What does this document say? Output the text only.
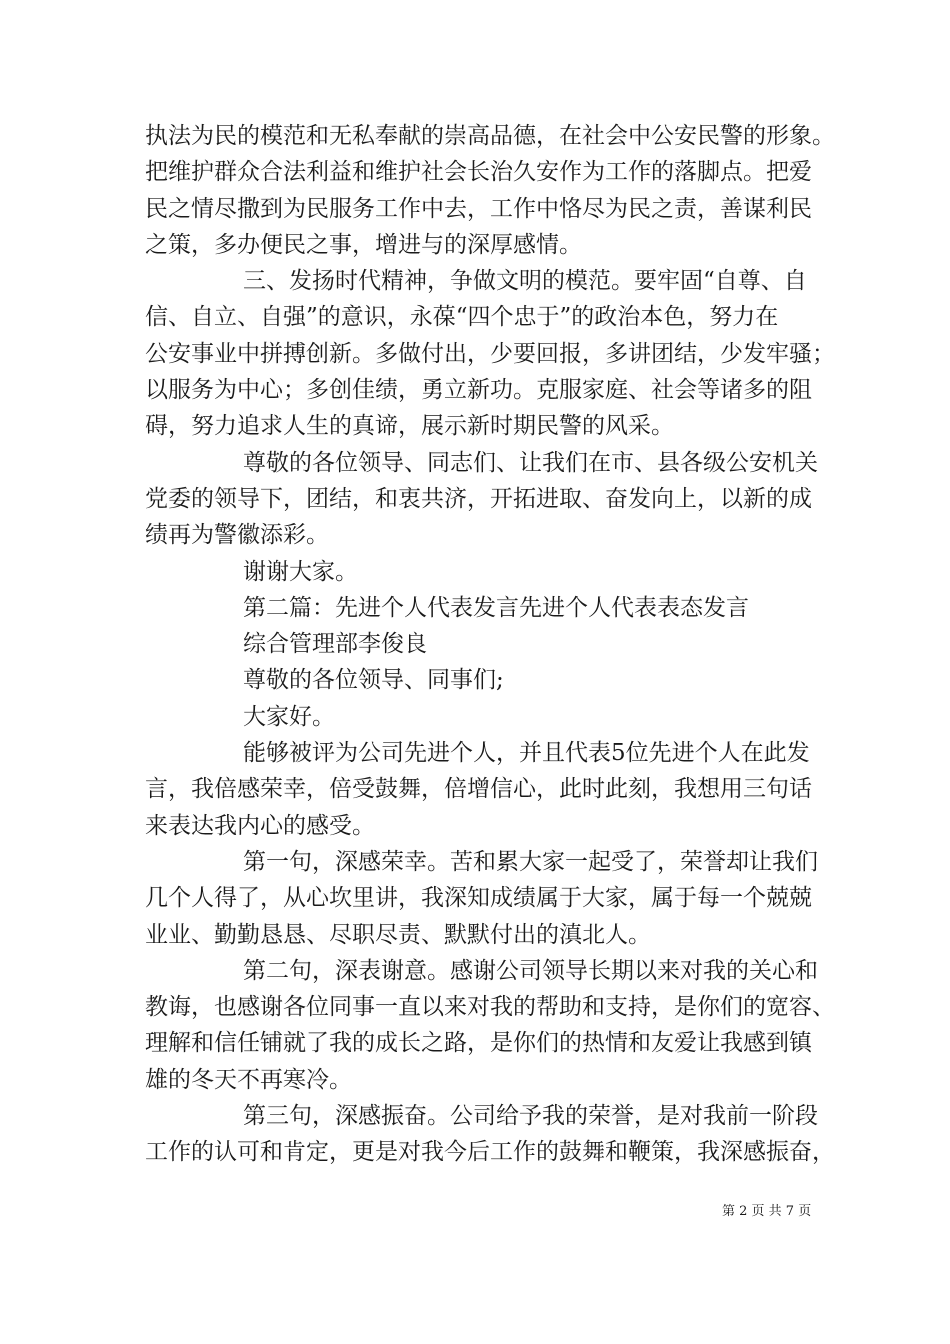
执法为民的模范和无私奉献的崇高品德，在社会中公安民警的形象。
把维护群众合法利益和维护社会长治久安作为工作的落脚点。把爱
民之情尽撒到为民服务工作中去，工作中恪尽为民之责，善谋利民
之策，多办便民之事，增进与的深厚感情。
三、发扬时代精神，争做文明的模范。要牢固“自尊、自
信、自立、自强”的意识，永葆“四个忠于”的政治本色，努力在
公安事业中拼搏创新。多做付出，少要回报，多讲团结，少发牢骚；
以服务为中心；多创佳绩，勇立新功。克服家庭、社会等诸多的阻
碍，努力追求人生的真谛，展示新时期民警的风采。
尊敬的各位领导、同志们、让我们在市、县各级公安机关
党委的领导下，团结，和衷共济，开拓进取、奋发向上，以新的成
绩再为警徽添彩。
谢谢大家。
第二篇：先进个人代表发言先进个人代表表态发言
综合管理部李俊良
尊敬的各位领导、同事们;
大家好。
能够被评为公司先进个人，并且代表5位先进个人在此发
言，我倍感荣幸，倍受鼓舞，倍增信心，此时此刻，我想用三句话
来表达我内心的感受。
第一句，深感荣幸。苦和累大家一起受了，荣誉却让我们
几个人得了，从心坎里讲，我深知成绩属于大家，属于每一个兢兢
业业、勤勤恳恳、尽职尽责、默默付出的滇北人。
第二句，深表谢意。感谢公司领导长期以来对我的关心和
教诲，也感谢各位同事一直以来对我的帮助和支持，是你们的宽容、
理解和信任铺就了我的成长之路，是你们的热情和友爱让我感到镇
雄的冬天不再寒冷。
第三句，深感振奋。公司给予我的荣誉，是对我前一阶段
工作的认可和肯定，更是对我今后工作的鼓舞和鞭策，我深感振奋，
第 2 页 共 7 页
